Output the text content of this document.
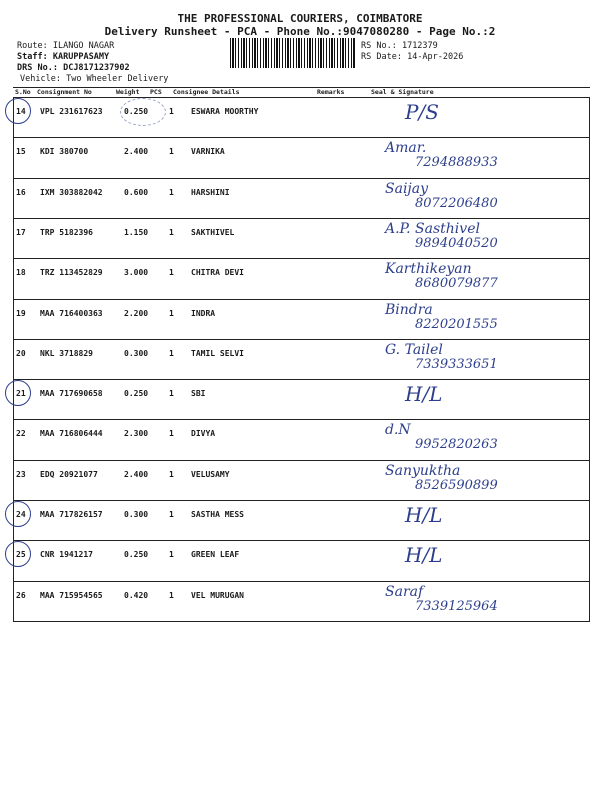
THE PROFESSIONAL COURIERS, COIMBATORE
Delivery Runsheet - PCA - Phone No.:9047080280 - Page No.:2
Route: ILANGO NAGAR
Staff: KARUPPASAMY
DRS No.: DCJ8171237902
Vehicle: Two Wheeler Delivery
RS No.: 1712379
RS Date: 14-Apr-2026
S.No Consignment No	Weight PCS Consignee Details	Remarks	Seal & Signature
14 VPL 231617623	0.250	1 ESWARA MOORTHY	P/S
15 KDI 380700	2.400	1 VARNIKA	Amar.
7294888933
16 IXM 303882042	0.600	1 HARSHINI	Saijay
8072206480
17 TRP 5182396	1.150	1 SAKTHIVEL	A.P. Sasthivel
9894040520
18 TRZ 113452829	3.000	1 CHITRA DEVI	Karthikeyan
8680079877
19 MAA 716400363	2.200	1 INDRA	Bindra
8220201555
20 NKL 3718829	0.300	1 TAMIL SELVI	G. Tailel
7339333651
21 MAA 717690658	0.250	1 SBI	H/L
22 MAA 716806444	2.300	1 DIVYA	d.N
9952820263
23 EDQ 20921077	2.400	1 VELUSAMY	Sanyuktha
8526590899
24 MAA 717826157	0.300	1 SASTHA MESS	H/L
25 CNR 1941217	0.250	1 GREEN LEAF	H/L
26 MAA 715954565	0.420	1 VEL MURUGAN	Saraf
7339125964
